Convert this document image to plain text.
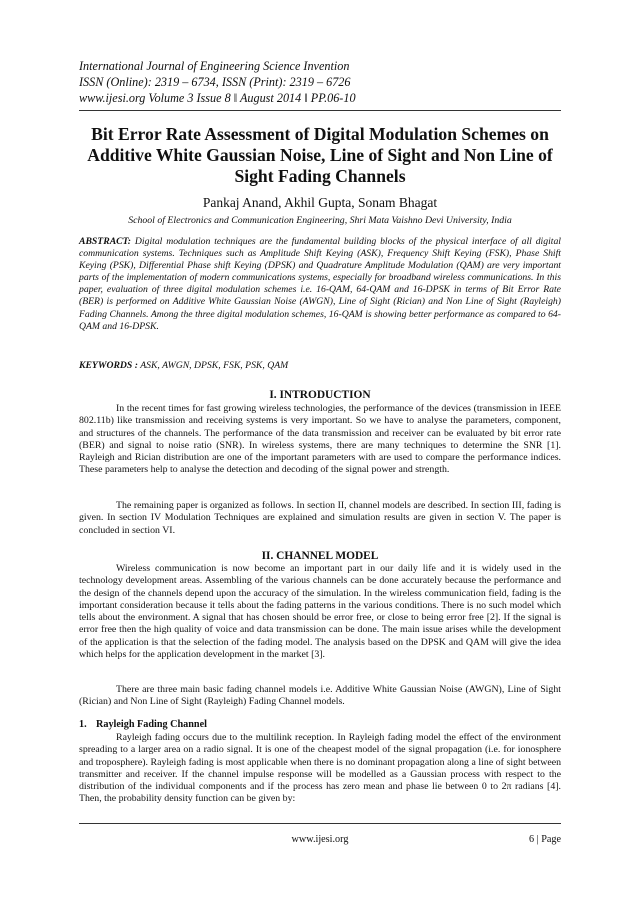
International Journal of Engineering Science Invention
ISSN (Online): 2319 – 6734, ISSN (Print): 2319 – 6726
www.ijesi.org Volume 3 Issue 8 ǁ August 2014 ǁ PP.06-10
Bit Error Rate Assessment of Digital Modulation Schemes on Additive White Gaussian Noise, Line of Sight and Non Line of Sight Fading Channels
Pankaj Anand, Akhil Gupta, Sonam Bhagat
School of Electronics and Communication Engineering, Shri Mata Vaishno Devi University, India
ABSTRACT: Digital modulation techniques are the fundamental building blocks of the physical interface of all digital communication systems. Techniques such as Amplitude Shift Keying (ASK), Frequency Shift Keying (FSK), Phase Shift Keying (PSK), Differential Phase shift Keying (DPSK) and Quadrature Amplitude Modulation (QAM) are very important parts of the implementation of modern communications systems, especially for broadband wireless communications. In this paper, evaluation of three digital modulation schemes i.e. 16-QAM, 64-QAM and 16-DPSK in terms of Bit Error Rate (BER) is performed on Additive White Gaussian Noise (AWGN), Line of Sight (Rician) and Non Line of Sight (Rayleigh) Fading Channels. Among the three digital modulation schemes, 16-QAM is showing better performance as compared to 64-QAM and 16-DPSK.
KEYWORDS : ASK, AWGN, DPSK, FSK, PSK, QAM
I. INTRODUCTION
In the recent times for fast growing wireless technologies, the performance of the devices (transmission in IEEE 802.11b) like transmission and receiving systems is very important. So we have to analyse the parameters, component, and structures of the channels. The performance of the data transmission and receiver can be evaluated by bit error rate (BER) and signal to noise ratio (SNR). In wireless systems, there are many techniques to determine the SNR [1]. Rayleigh and Rician distribution are one of the important parameters with are used to compare the performance indices. These parameters help to analyse the detection and decoding of the signal power and strength.
The remaining paper is organized as follows. In section II, channel models are described. In section III, fading is given. In section IV Modulation Techniques are explained and simulation results are given in section V. The paper is concluded in section VI.
II. CHANNEL MODEL
Wireless communication is now become an important part in our daily life and it is widely used in the technology development areas. Assembling of the various channels can be done accurately because the performance and the design of the channels depend upon the accuracy of the simulation. In the wireless communication field, fading is the important consideration because it tells about the fading patterns in the various conditions. There is no such model which tells about the environment. A signal that has chosen should be error free, or close to being error free [2]. If the signal is error free then the high quality of voice and data transmission can be done. The main issue arises while the development of the application is that the selection of the fading model. The analysis based on the DPSK and QAM will give the idea which helps for the application development in the market [3].
There are three main basic fading channel models i.e. Additive White Gaussian Noise (AWGN), Line of Sight (Rician) and Non Line of Sight (Rayleigh) Fading Channel models.
1. Rayleigh Fading Channel
Rayleigh fading occurs due to the multilink reception. In Rayleigh fading model the effect of the environment spreading to a larger area on a radio signal. It is one of the cheapest model of the signal propagation (i.e. for ionosphere and troposphere). Rayleigh fading is most applicable when there is no dominant propagation along a line of sight between transmitter and receiver. If the channel impulse response will be modelled as a Gaussian process with respect to the distribution of the individual components and if the process has zero mean and phase lie between 0 to 2π radians [4]. Then, the probability density function can be given by:
www.ijesi.org	6 | Page
